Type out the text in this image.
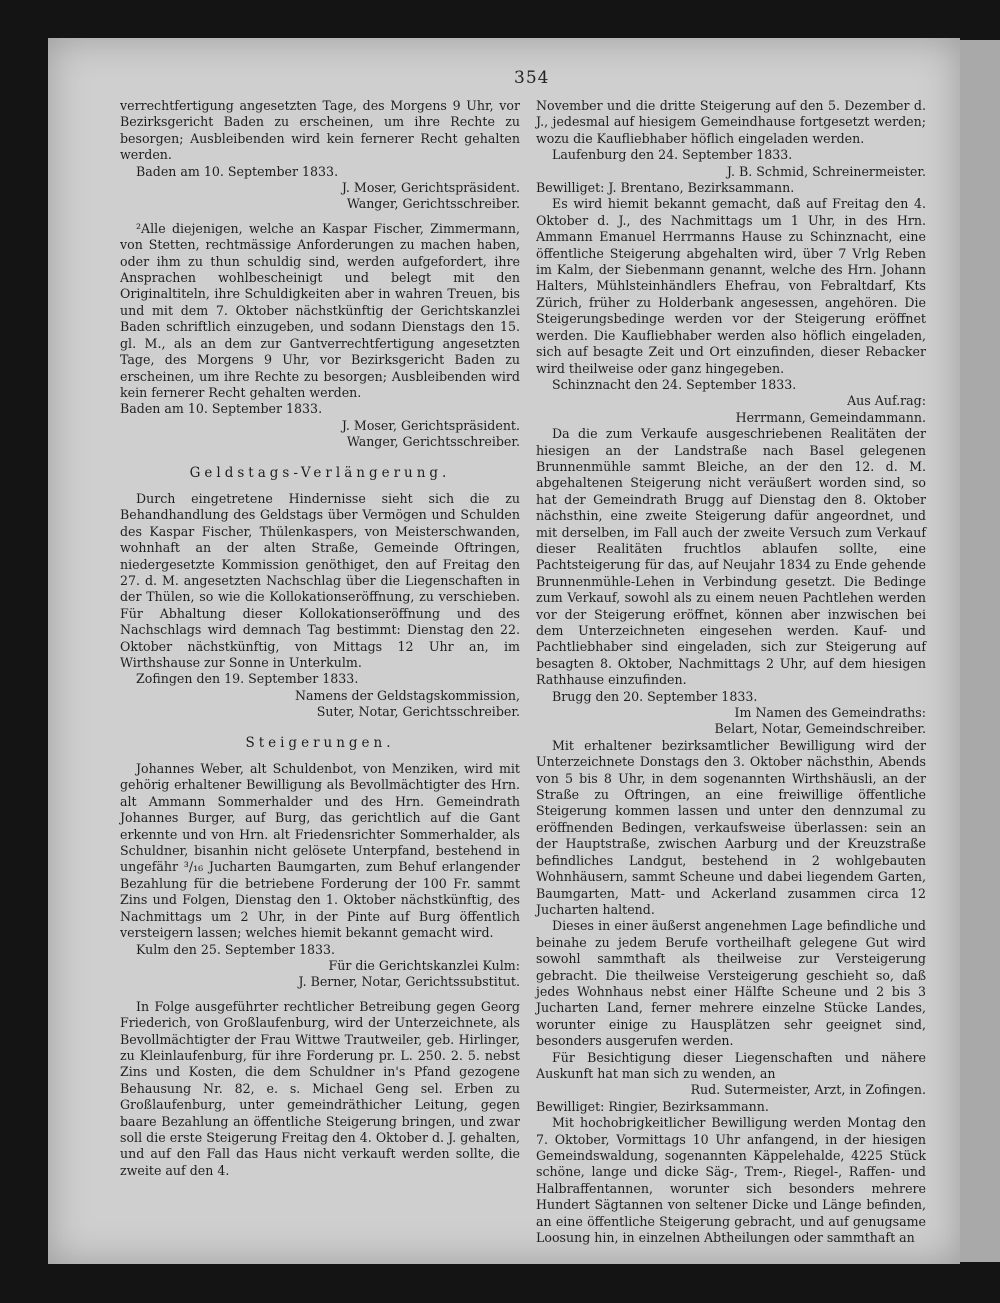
354

verrechtfertigung angesetzten Tage, des Morgens 9 Uhr, vor Bezirksgericht Baden zu erscheinen, um ihre Rechte zu besorgen; Ausbleibenden wird kein fernerer Recht gehalten werden.

Baden am 10. September 1833.

J. Moser, Gerichtspräsident.

Wanger, Gerichtsschreiber.

²Alle diejenigen, welche an Kaspar Fischer, Zimmermann, von Stetten, rechtmässige Anforderungen zu machen haben, oder ihm zu thun schuldig sind, werden aufgefordert, ihre Ansprachen wohlbescheinigt und belegt mit den Originaltiteln, ihre Schuldigkeiten aber in wahren Treuen, bis und mit dem 7. Oktober nächstkünftig der Gerichtskanzlei Baden schriftlich einzugeben, und sodann Dienstags den 15. gl. M., als an dem zur Gantverrechtfertigung angesetzten Tage, des Morgens 9 Uhr, vor Bezirksgericht Baden zu erscheinen, um ihre Rechte zu besorgen; Ausbleibenden wird kein fernerer Recht gehalten werden.

Baden am 10. September 1833.

J. Moser, Gerichtspräsident.

Wanger, Gerichtsschreiber.

Geldstags-Verlängerung.

Durch eingetretene Hindernisse sieht sich die zu Behandhandlung des Geldstags über Vermögen und Schulden des Kaspar Fischer, Thülenkaspers, von Meisterschwanden, wohnhaft an der alten Straße, Gemeinde Oftringen, niedergesetzte Kommission genöthiget, den auf Freitag den 27. d. M. angesetzten Nachschlag über die Liegenschaften in der Thülen, so wie die Kollokationseröffnung, zu verschieben. Für Abhaltung dieser Kollokationseröffnung und des Nachschlags wird demnach Tag bestimmt: Dienstag den 22. Oktober nächstkünftig, von Mittags 12 Uhr an, im Wirthshause zur Sonne in Unterkulm.

Zofingen den 19. September 1833.

Namens der Geldstagskommission,

Suter, Notar, Gerichtsschreiber.

Steigerungen.

Johannes Weber, alt Schuldenbot, von Menziken, wird mit gehörig erhaltener Bewilligung als Bevollmächtigter des Hrn. alt Ammann Sommerhalder und des Hrn. Gemeindrath Johannes Burger, auf Burg, das gerichtlich auf die Gant erkennte und von Hrn. alt Friedensrichter Sommerhalder, als Schuldner, bisanhin nicht gelösete Unterpfand, bestehend in ungefähr ³/₁₆ Jucharten Baumgarten, zum Behuf erlangender Bezahlung für die betriebene Forderung der 100 Fr. sammt Zins und Folgen, Dienstag den 1. Oktober nächstkünftig, des Nachmittags um 2 Uhr, in der Pinte auf Burg öffentlich versteigern lassen; welches hiemit bekannt gemacht wird.

Kulm den 25. September 1833.

Für die Gerichtskanzlei Kulm:

J. Berner, Notar, Gerichtssubstitut.

In Folge ausgeführter rechtlicher Betreibung gegen Georg Friederich, von Großlaufenburg, wird der Unterzeichnete, als Bevollmächtigter der Frau Wittwe Trautweiler, geb. Hirlinger, zu Kleinlaufenburg, für ihre Forderung pr. L. 250. 2. 5. nebst Zins und Kosten, die dem Schuldner in's Pfand gezogene Behausung Nr. 82, e. s. Michael Geng sel. Erben zu Großlaufenburg, unter gemeindräthicher Leitung, gegen baare Bezahlung an öffentliche Steigerung bringen, und zwar soll die erste Steigerung Freitag den 4. Oktober d. J. gehalten, und auf den Fall das Haus nicht verkauft werden sollte, die zweite auf den 4.

November und die dritte Steigerung auf den 5. Dezember d. J., jedesmal auf hiesigem Gemeindhause fortgesetzt werden; wozu die Kaufliebhaber höflich eingeladen werden.

Laufenburg den 24. September 1833.

J. B. Schmid, Schreinermeister.

Bewilliget: J. Brentano, Bezirksammann.

Es wird hiemit bekannt gemacht, daß auf Freitag den 4. Oktober d. J., des Nachmittags um 1 Uhr, in des Hrn. Ammann Emanuel Herrmanns Hause zu Schinznacht, eine öffentliche Steigerung abgehalten wird, über 7 Vrlg Reben im Kalm, der Siebenmann genannt, welche des Hrn. Johann Halters, Mühlsteinhändlers Ehefrau, von Febraltdarf, Kts Zürich, früher zu Holderbank angesessen, angehören. Die Steigerungsbedinge werden vor der Steigerung eröffnet werden. Die Kaufliebhaber werden also höflich eingeladen, sich auf besagte Zeit und Ort einzufinden, dieser Rebacker wird theilweise oder ganz hingegeben.

Schinznacht den 24. September 1833.

Aus Auf.rag:

Herrmann, Gemeindammann.

Da die zum Verkaufe ausgeschriebenen Realitäten der hiesigen an der Landstraße nach Basel gelegenen Brunnenmühle sammt Bleiche, an der den 12. d. M. abgehaltenen Steigerung nicht veräußert worden sind, so hat der Gemeindrath Brugg auf Dienstag den 8. Oktober nächsthin, eine zweite Steigerung dafür angeordnet, und mit derselben, im Fall auch der zweite Versuch zum Verkauf dieser Realitäten fruchtlos ablaufen sollte, eine Pachtsteigerung für das, auf Neujahr 1834 zu Ende gehende Brunnenmühle-Lehen in Verbindung gesetzt. Die Bedinge zum Verkauf, sowohl als zu einem neuen Pachtlehen werden vor der Steigerung eröffnet, können aber inzwischen bei dem Unterzeichneten eingesehen werden. Kauf- und Pachtliebhaber sind eingeladen, sich zur Steigerung auf besagten 8. Oktober, Nachmittags 2 Uhr, auf dem hiesigen Rathhause einzufinden.

Brugg den 20. September 1833.

Im Namen des Gemeindraths:

Belart, Notar, Gemeindschreiber.

Mit erhaltener bezirksamtlicher Bewilligung wird der Unterzeichnete Donstags den 3. Oktober nächsthin, Abends von 5 bis 8 Uhr, in dem sogenannten Wirthshäusli, an der Straße zu Oftringen, an eine freiwillige öffentliche Steigerung kommen lassen und unter den dennzumal zu eröffnenden Bedingen, verkaufsweise überlassen: sein an der Hauptstraße, zwischen Aarburg und der Kreuzstraße befindliches Landgut, bestehend in 2 wohlgebauten Wohnhäusern, sammt Scheune und dabei liegendem Garten, Baumgarten, Matt- und Ackerland zusammen circa 12 Jucharten haltend.

Dieses in einer äußerst angenehmen Lage befindliche und beinahe zu jedem Berufe vortheilhaft gelegene Gut wird sowohl sammthaft als theilweise zur Versteigerung gebracht. Die theilweise Versteigerung geschieht so, daß jedes Wohnhaus nebst einer Hälfte Scheune und 2 bis 3 Jucharten Land, ferner mehrere einzelne Stücke Landes, worunter einige zu Hausplätzen sehr geeignet sind, besonders ausgerufen werden.

Für Besichtigung dieser Liegenschaften und nähere Auskunft hat man sich zu wenden, an

Rud. Sutermeister, Arzt, in Zofingen.

Bewilliget: Ringier, Bezirksammann.

Mit hochobrigkeitlicher Bewilligung werden Montag den 7. Oktober, Vormittags 10 Uhr anfangend, in der hiesigen Gemeindswaldung, sogenannten Käppelehalde, 4225 Stück schöne, lange und dicke Säg-, Trem-, Riegel-, Raffen- und Halbraffentannen, worunter sich besonders mehrere Hundert Sägtannen von seltener Dicke und Länge befinden, an eine öffentliche Steigerung gebracht, und auf genugsame Loosung hin, in einzelnen Abtheilungen oder sammthaft an
